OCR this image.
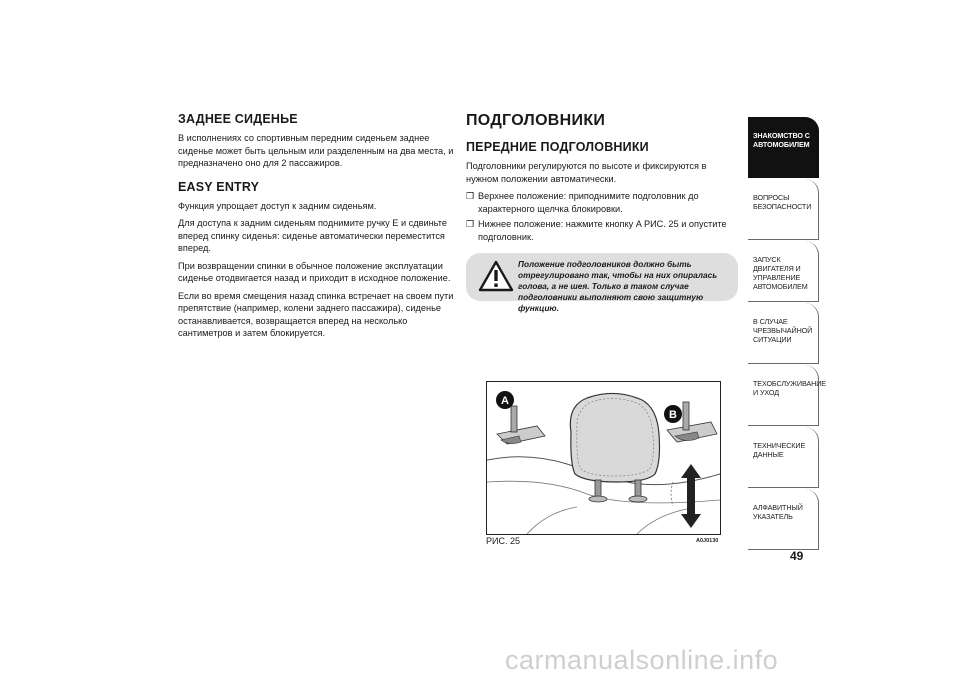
ЗАДНЕЕ СИДЕНЬЕ

В исполнениях со спортивным передним сиденьем заднее сиденье может быть цельным или разделенным на два места, и предназначено оно для 2 пассажиров.

EASY ENTRY

Функция упрощает доступ к задним сиденьям.

Для доступа к задним сиденьям поднимите ручку E и сдвиньте вперед спинку сиденья: сиденье автоматически переместится вперед.

При возвращении спинки в обычное положение эксплуатации сиденье отодвигается назад и приходит в исходное положение.

Если во время смещения назад спинка встречает на своем пути препятствие (например, колени заднего пассажира), сиденье останавливается, возвращается вперед на несколько сантиметров и затем блокируется.

ПОДГОЛОВНИКИ
ПЕРЕДНИЕ ПОДГОЛОВНИКИ

Подголовники регулируются по высоте и фиксируются в нужном положении автоматически.

❒ Верхнее положение: приподнимите подголовник до характерного щелчка блокировки.
❒ Нижнее положение: нажмите кнопку A РИС. 25 и опустите подголовник.
Положение подголовников должно быть отрегулировано так, чтобы на них опиралась голова, а не шея. Только в таком случае подголовники выполняют свою защитную функцию.
A
B
РИС. 25	A0J0130
ЗНАКОМСТВО С АВТОМОБИЛЕМ
ВОПРОСЫ БЕЗОПАСНОСТИ
ЗАПУСК ДВИГАТЕЛЯ И УПРАВЛЕНИЕ АВТОМОБИЛЕМ
В СЛУЧАЕ ЧРЕЗВЫЧАЙНОЙ СИТУАЦИИ
ТЕХОБСЛУЖИВАНИЕ И УХОД
ТЕХНИЧЕСКИЕ ДАННЫЕ
АЛФАВИТНЫЙ УКАЗАТЕЛЬ
49
carmanualsonline.info
